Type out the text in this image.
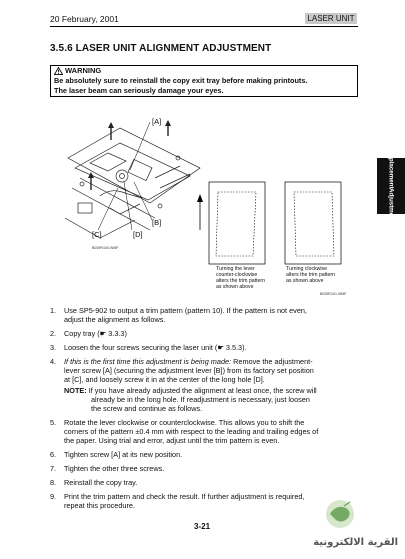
20 February, 2001	LASER UNIT
3.5.6 LASER UNIT ALIGNMENT ADJUSTMENT
WARNING
Be absolutely sure to reinstall the copy exit tray before making printouts.
The laser beam can seriously damage your eyes.
Replacement
Adjustment
[A]
[B]
[C]	[D]
B039R100.WMF
Turning the lever
counter-clockwise
alters the trim pattern
as shown above
Turning clockwise
alters the trim pattern
as shown above
B039R101.WMF
1. Use SP5-902 to output a trim pattern (pattern 10). If the pattern is not even,
adjust the alignment as follows.
2. Copy tray (☛ 3.3.3)
3. Loosen the four screws securing the laser unit (☛ 3.5.3).
4. If this is the first time this adjustment is being made: Remove the adjustment-
lever screw [A] (securing the adjustment lever [B]) from its factory set position
at [C], and loosely screw it in at the center of the long hole [D].
NOTE: If you have already adjusted the alignment at least once, the screw will
already be in the long hole. If readjustment is necessary, just loosen
the screw and continue as follows.
5. Rotate the lever clockwise or counterclockwise. This allows you to shift the
corners of the pattern ±0.4 mm with respect to the leading and trailing edges of
the paper. Using trial and error, adjust until the trim pattern is even.
6. Tighten screw [A] at its new position.
7. Tighten the other three screws.
8. Reinstall the copy tray.
9. Print the trim pattern and check the result. If further adjustment is required,
repeat this procedure.
3-21
القرية الالكترونية
